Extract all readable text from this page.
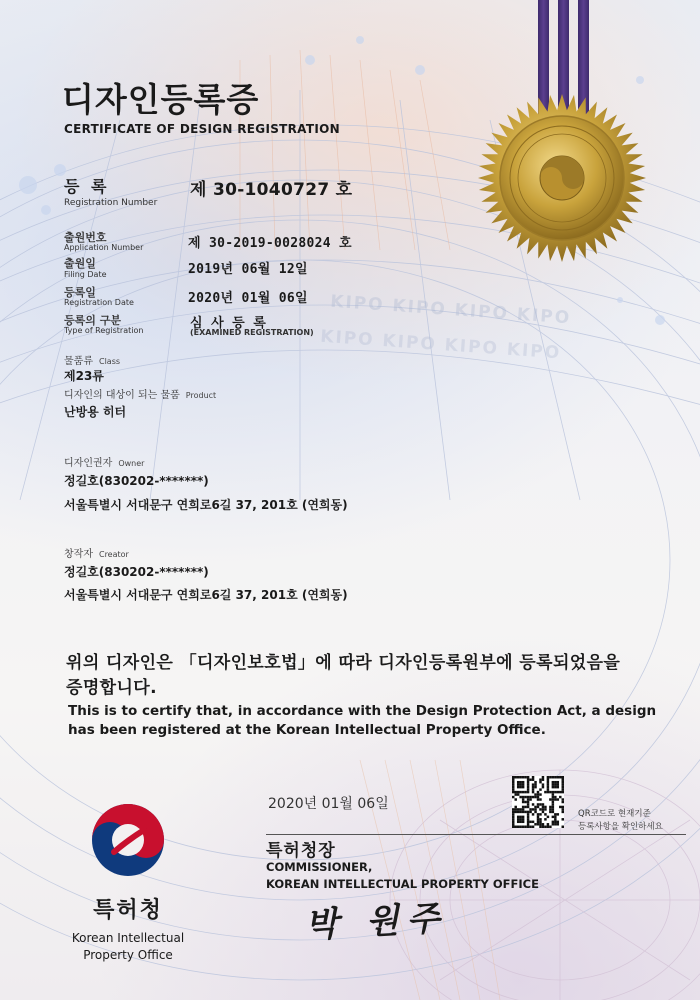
디자인등록증
CERTIFICATE OF DESIGN REGISTRATION
등 록
Registration Number
제 30-1040727 호
출원번호
Application Number	제 30-2019-0028024 호
출원일
Filing Date	2019년 06월 12일
등록일
Registration Date	2020년 01월 06일
등록의 구분
Type of Registration	심 사 등 록
(EXAMINED REGISTRATION)
KIPO KIPO KIPO KIPO
KIPO KIPO KIPO KIPO
물품류 Class
제23류
디자인의 대상이 되는 물품 Product
난방용 히터
디자인권자 Owner
정길호(830202-*******)
서울특별시 서대문구 연희로6길 37, 201호 (연희동)
창작자 Creator
정길호(830202-*******)
서울특별시 서대문구 연희로6길 37, 201호 (연희동)
위의 디자인은 「디자인보호법」에 따라 디자인등록원부에 등록되었음을
증명합니다.
This is to certify that, in accordance with the Design Protection Act, a design
has been registered at the Korean Intellectual Property Office.
2020년 01월 06일
QR코드로 현재기준
등록사항을 확인하세요
특허청장
COMMISSIONER,
KOREAN INTELLECTUAL PROPERTY OFFICE
박 원주
특허청
Korean Intellectual
Property Office
